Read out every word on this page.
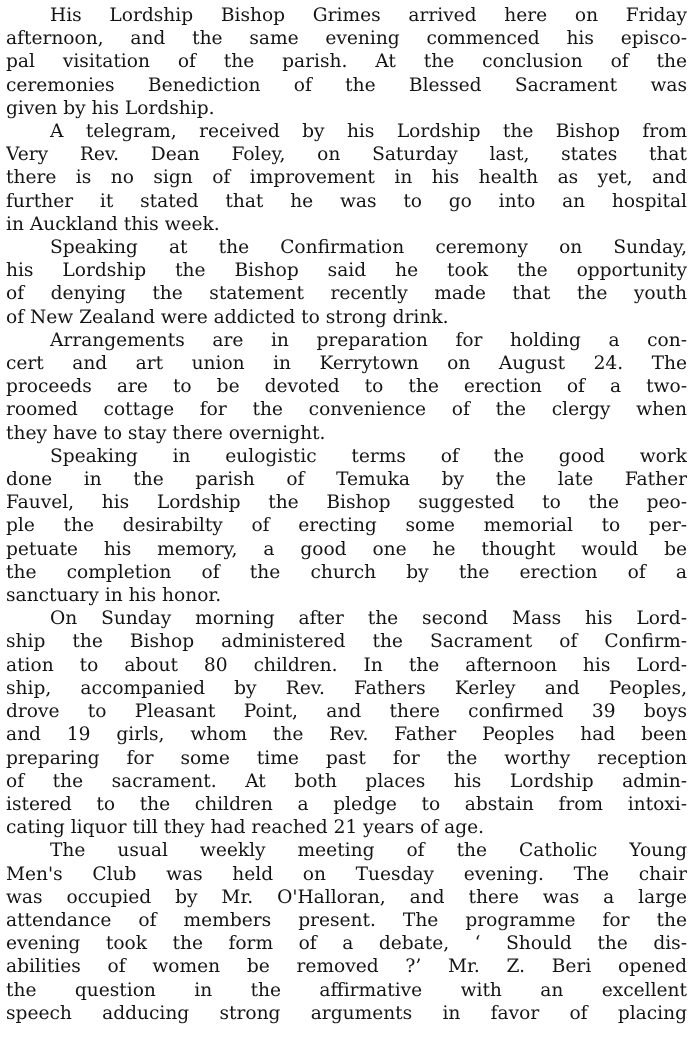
His Lordship Bishop Grimes arrived here on Friday
afternoon, and the same evening commenced his episco-
pal visitation of the parish. At the conclusion of the
ceremonies Benediction of the Blessed Sacrament was
given by his Lordship.
A telegram, received by his Lordship the Bishop from
Very Rev. Dean Foley, on Saturday last, states that
there is no sign of improvement in his health as yet, and
further it stated that he was to go into an hospital
in Auckland this week.
Speaking at the Confirmation ceremony on Sunday,
his Lordship the Bishop said he took the opportunity
of denying the statement recently made that the youth
of New Zealand were addicted to strong drink.
Arrangements are in preparation for holding a con-
cert and art union in Kerrytown on August 24. The
proceeds are to be devoted to the erection of a two-
roomed cottage for the convenience of the clergy when
they have to stay there overnight.
Speaking in eulogistic terms of the good work
done in the parish of Temuka by the late Father
Fauvel, his Lordship the Bishop suggested to the peo-
ple the desirabilty of erecting some memorial to per-
petuate his memory, a good one he thought would be
the completion of the church by the erection of a
sanctuary in his honor.
On Sunday morning after the second Mass his Lord-
ship the Bishop administered the Sacrament of Confirm-
ation to about 80 children. In the afternoon his Lord-
ship, accompanied by Rev. Fathers Kerley and Peoples,
drove to Pleasant Point, and there confirmed 39 boys
and 19 girls, whom the Rev. Father Peoples had been
preparing for some time past for the worthy reception
of the sacrament. At both places his Lordship admin-
istered to the children a pledge to abstain from intoxi-
cating liquor till they had reached 21 years of age.
The usual weekly meeting of the Catholic Young
Men's Club was held on Tuesday evening. The chair
was occupied by Mr. O'Halloran, and there was a large
attendance of members present. The programme for the
evening took the form of a debate, ‘ Should the dis-
abilities of women be removed ?’ Mr. Z. Beri opened
the question in the affirmative with an excellent
speech adducing strong arguments in favor of placing
